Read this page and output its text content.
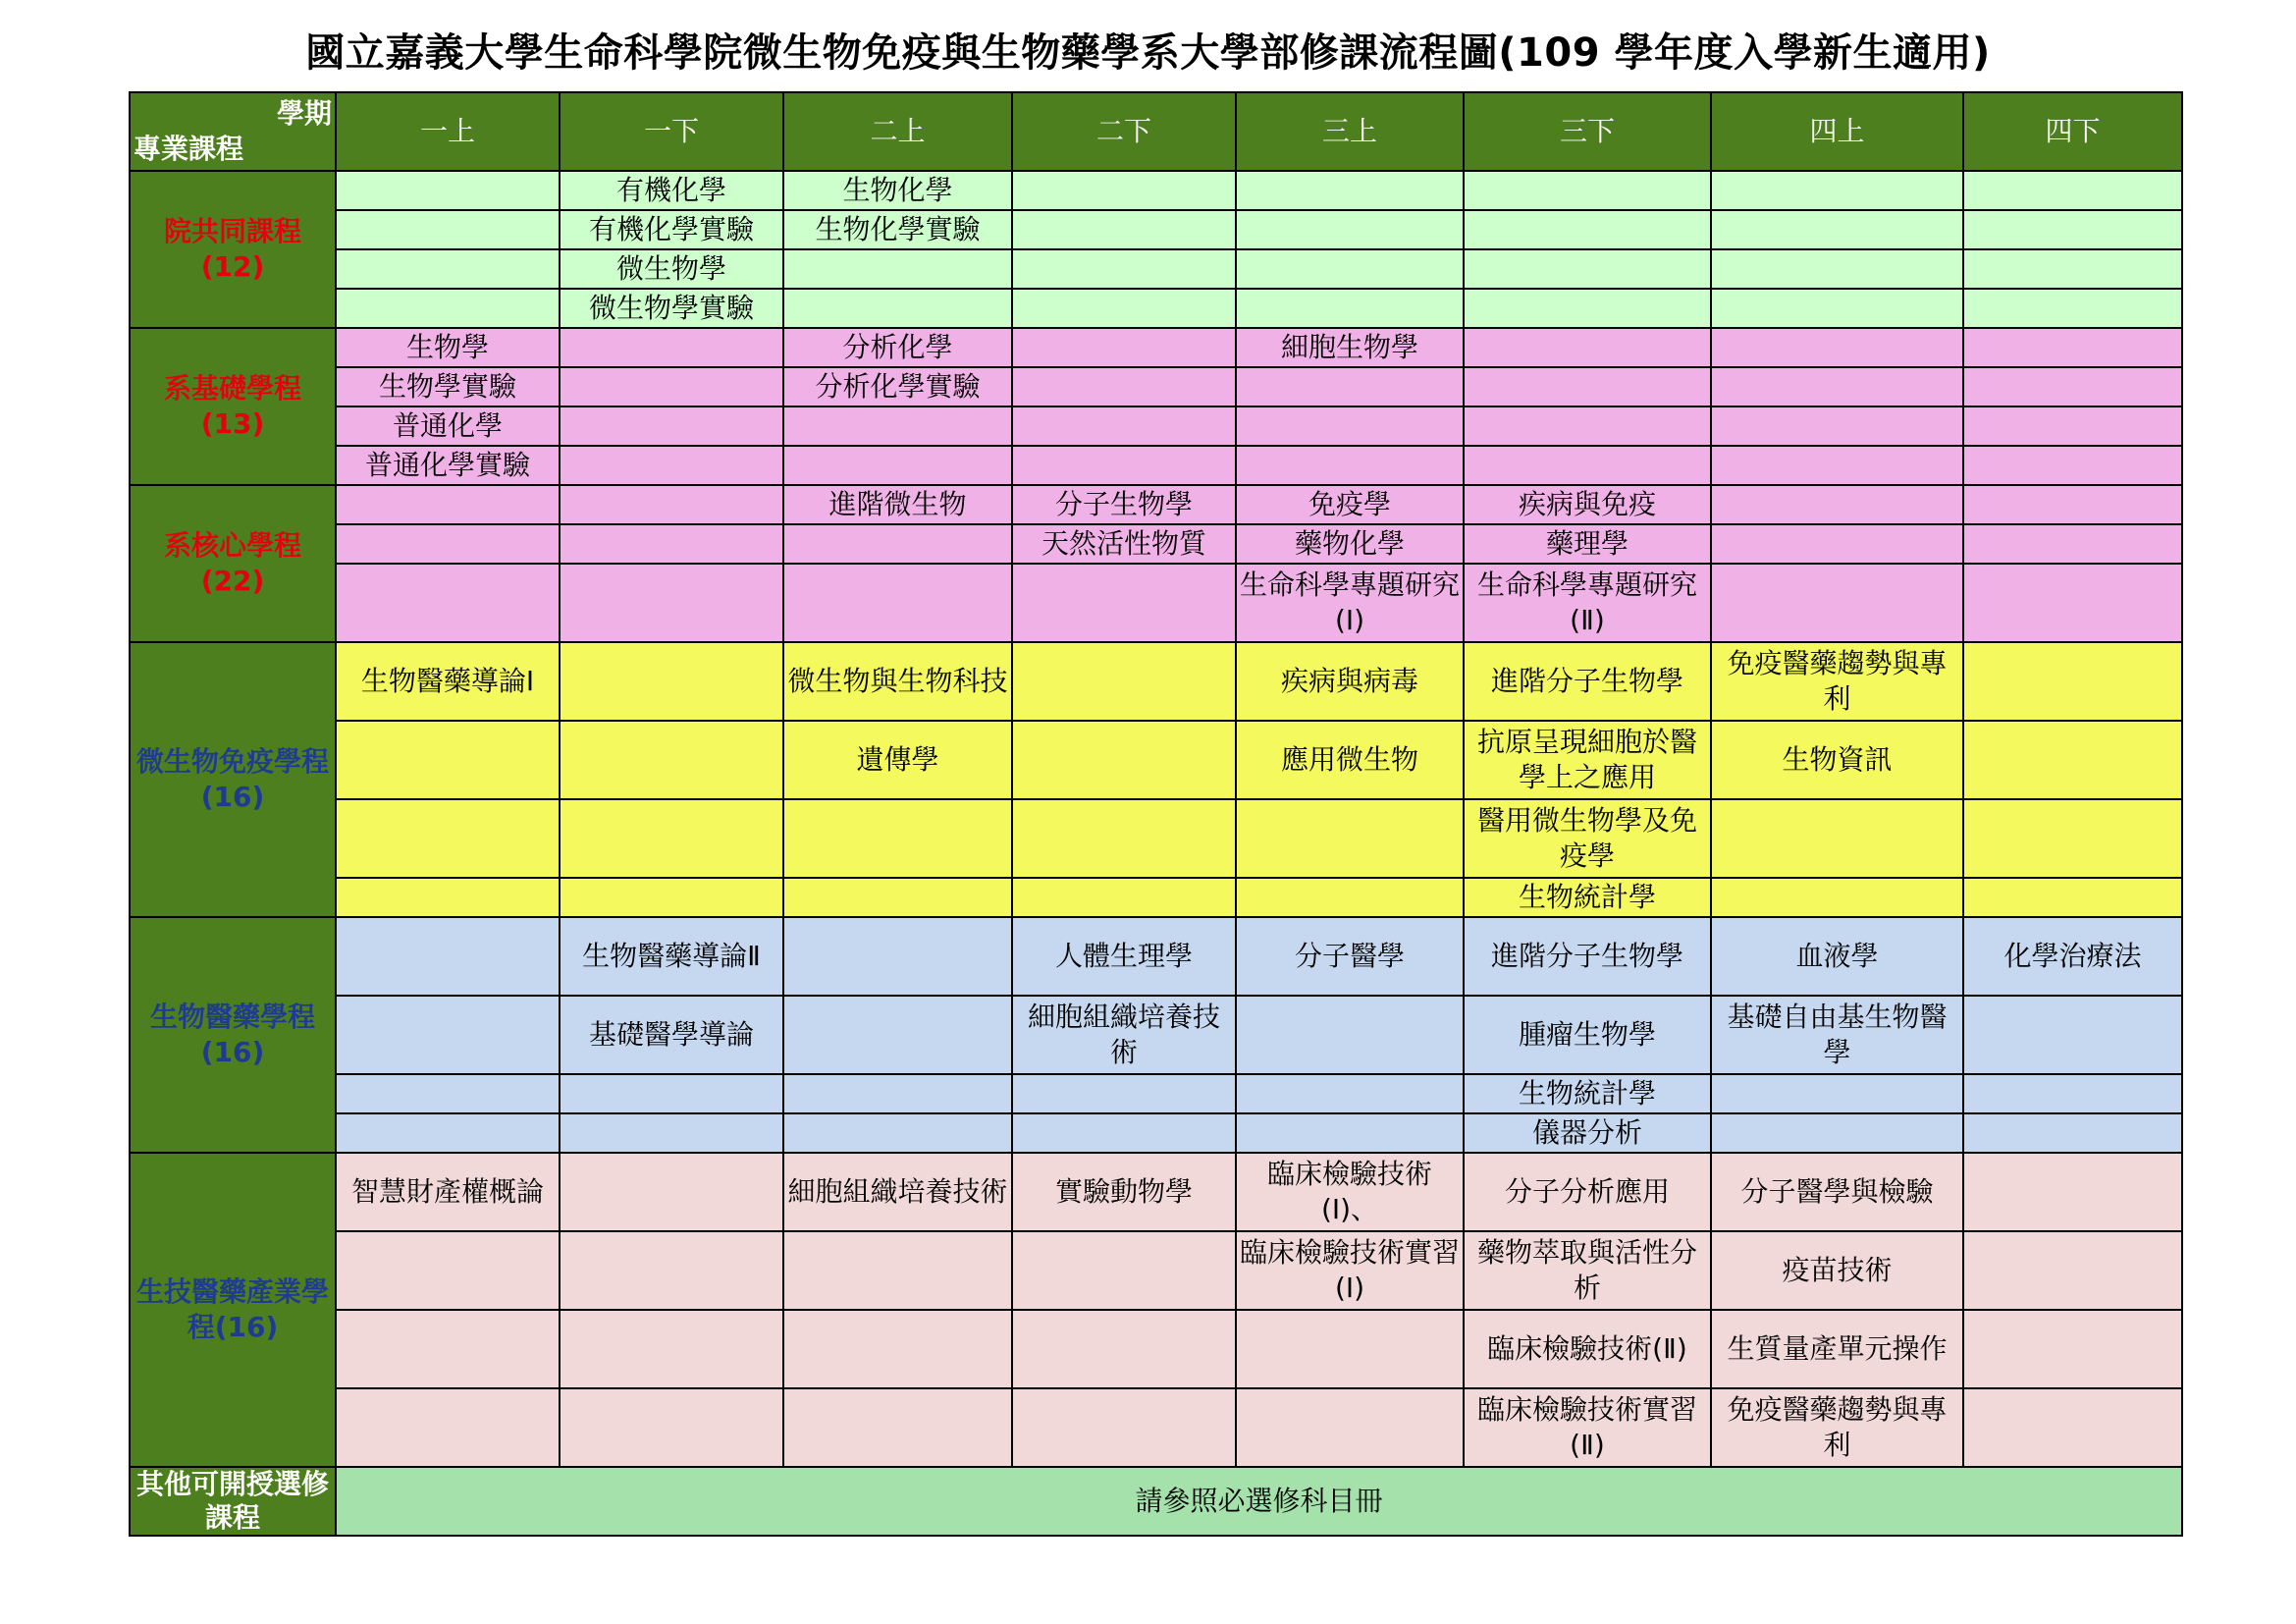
國立嘉義大學生命科學院微生物免疫與生物藥學系大學部修課流程圖(109 學年度入學新生適用)
學期
專業課程	一上	一下	二上	二下	三上	三下	四上	四下

院共同課程
(12)		有機化學	生物化學					
		有機化學實驗	生物化學實驗					
		微生物學						
		微生物學實驗						

系基礎學程
(13)	生物學		分析化學		細胞生物學			
	生物學實驗		分析化學實驗					
	普通化學							
	普通化學實驗							

系核心學程
(22)			進階微生物	分子生物學	免疫學	疾病與免疫		
				天然活性物質	藥物化學	藥理學		
					生命科學專題研究(Ⅰ)	生命科學專題研究(Ⅱ)		

微生物免疫學程(16)	生物醫藥導論Ⅰ		微生物與生物科技		疾病與病毒	進階分子生物學	免疫醫藥趨勢與專利	
			遺傳學		應用微生物	抗原呈現細胞於醫學上之應用	生物資訊	
						醫用微生物學及免疫學		
						生物統計學		

生物醫藥學程(16)		生物醫藥導論Ⅱ		人體生理學	分子醫學	進階分子生物學	血液學	化學治療法
		基礎醫學導論		細胞組織培養技術		腫瘤生物學	基礎自由基生物醫學	
						生物統計學		
						儀器分析		

生技醫藥產業學程(16)	智慧財產權概論		細胞組織培養技術	實驗動物學	臨床檢驗技術(Ⅰ)、	分子分析應用	分子醫學與檢驗	
					臨床檢驗技術實習(Ⅰ)	藥物萃取與活性分析	疫苗技術	
						臨床檢驗技術(Ⅱ)	生質量產單元操作	
						臨床檢驗技術實習(Ⅱ)	免疫醫藥趨勢與專利	
其他可開授選修課程	請參照必選修科目冊							
